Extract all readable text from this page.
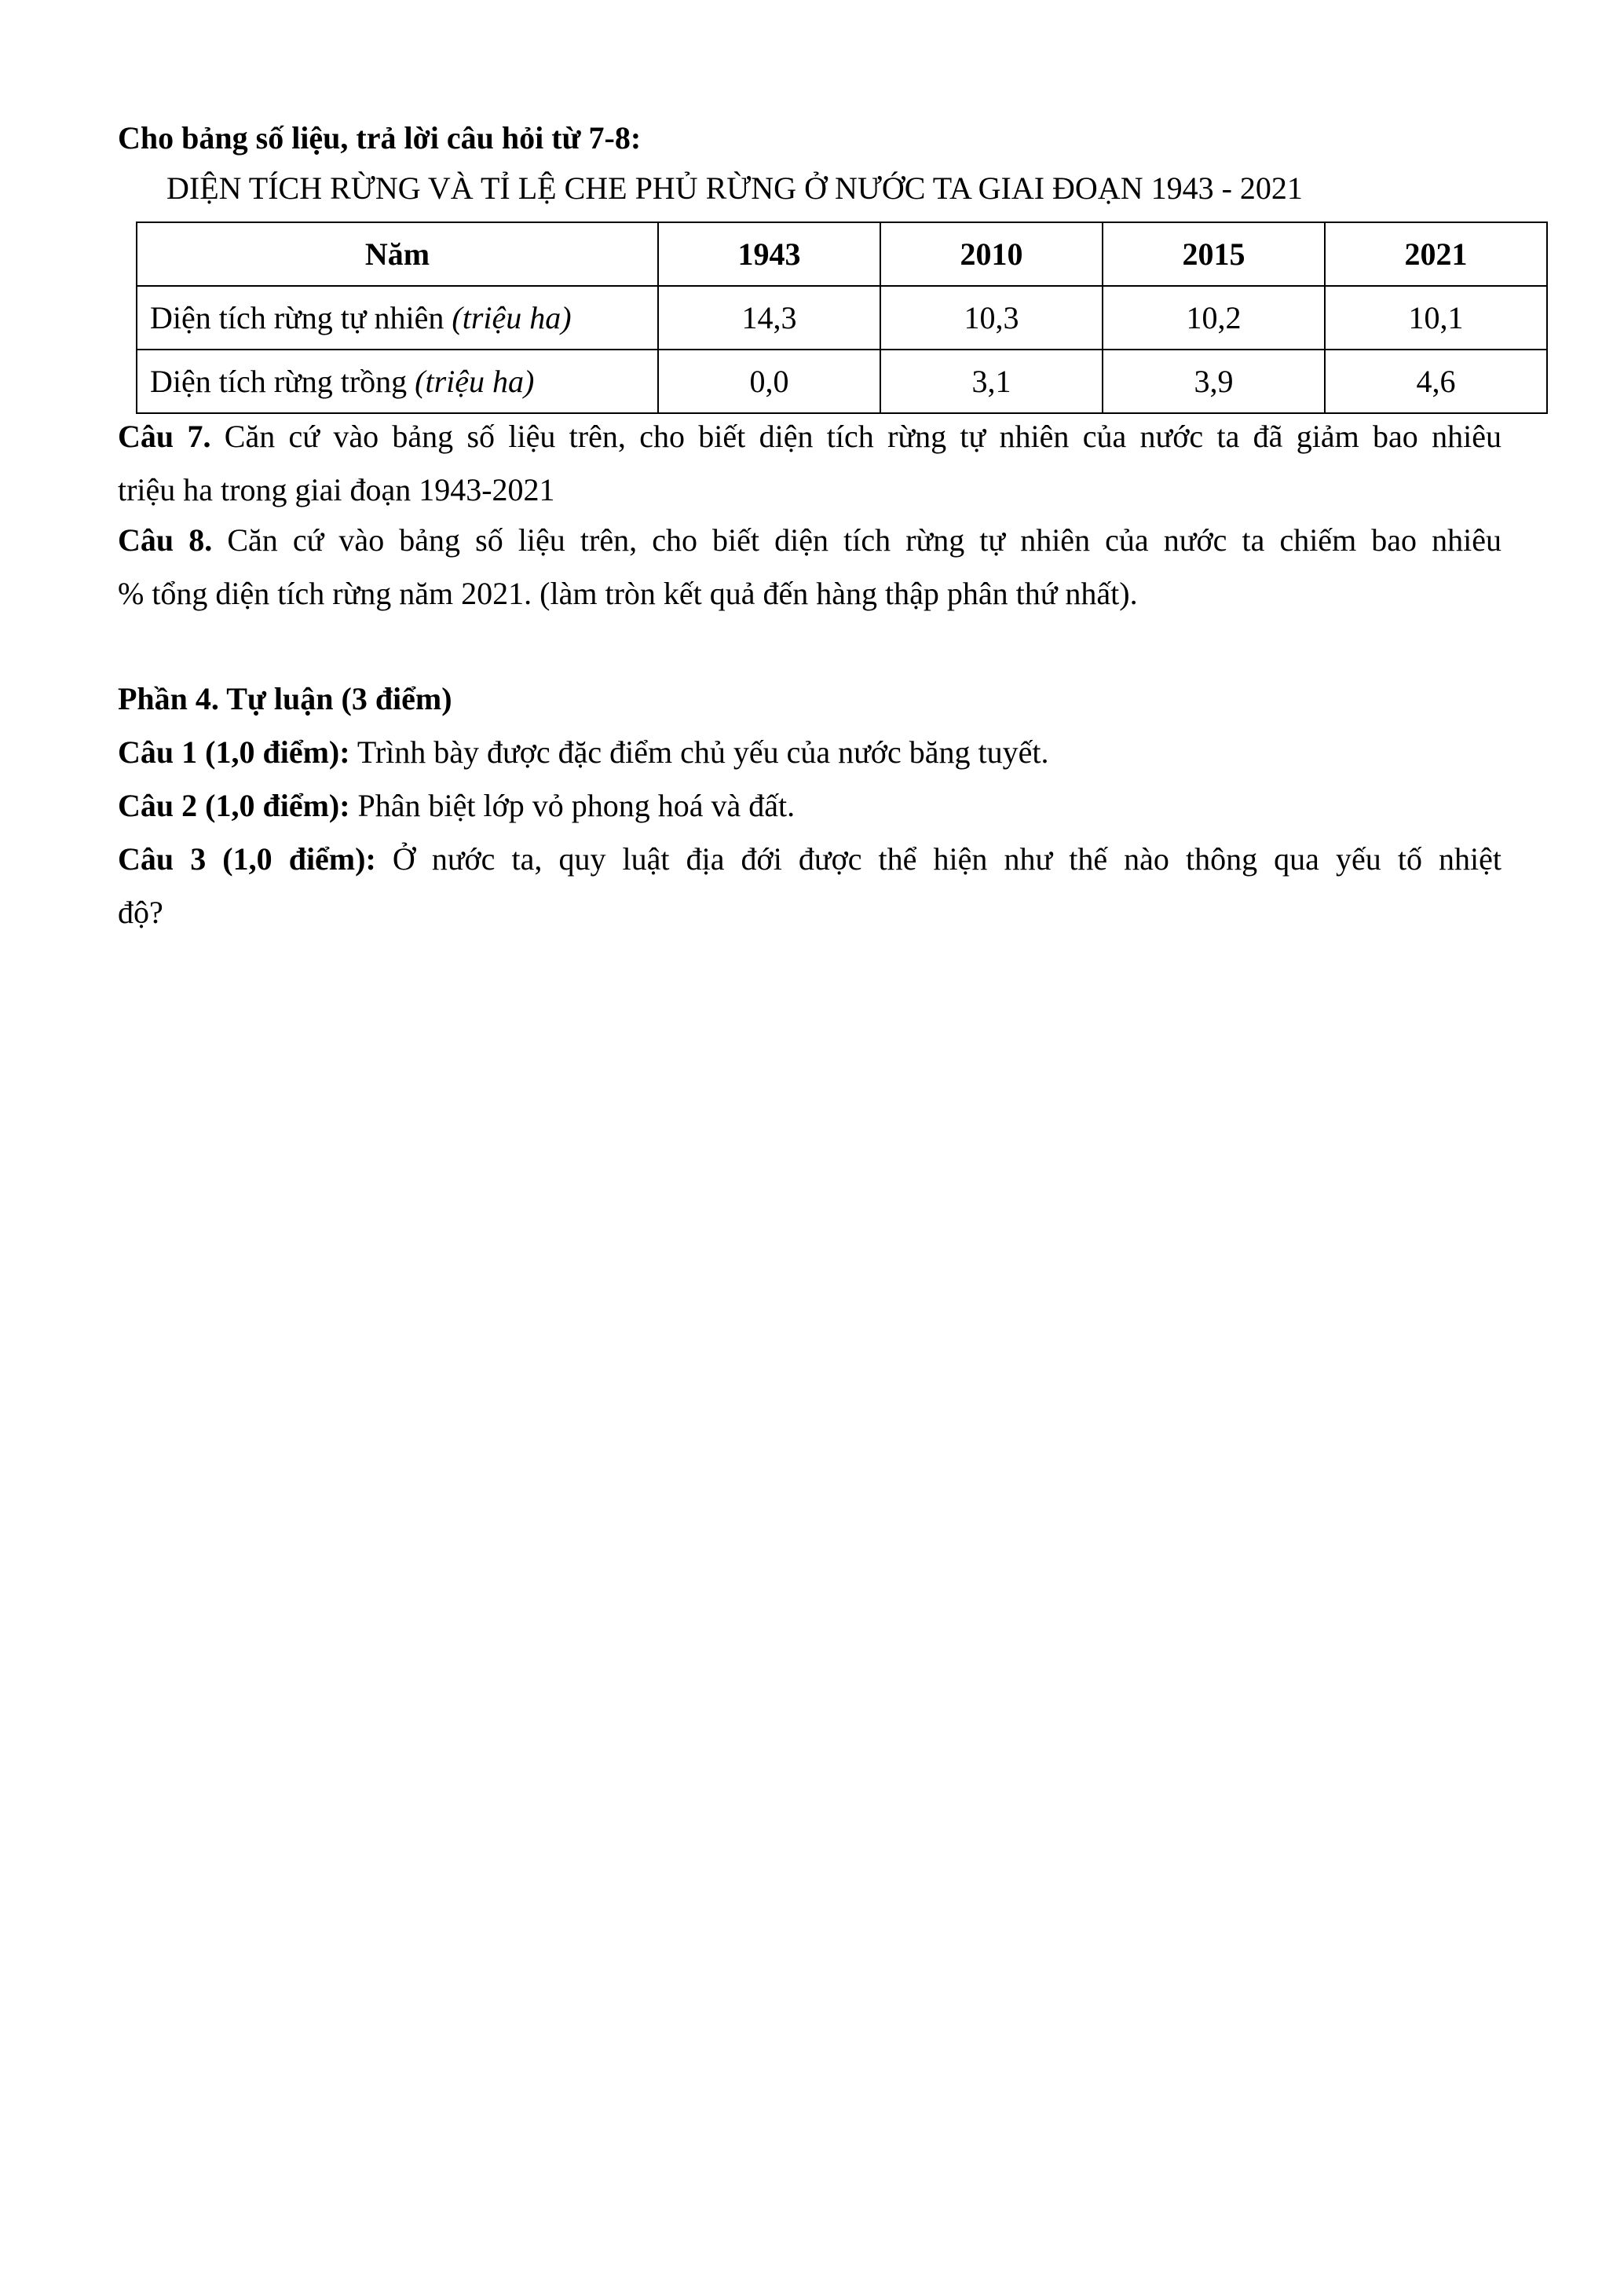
Cho bảng số liệu, trả lời câu hỏi từ 7-8:
DIỆN TÍCH RỪNG VÀ TỈ LỆ CHE PHỦ RỪNG Ở NƯỚC TA GIAI ĐOẠN 1943 - 2021
Năm	1943	2010	2015	2021
Diện tích rừng tự nhiên (triệu ha)	14,3	10,3	10,2	10,1
Diện tích rừng trồng (triệu ha)	0,0	3,1	3,9	4,6
Câu 7. Căn cứ vào bảng số liệu trên, cho biết diện tích rừng tự nhiên của nước ta đã giảm bao nhiêu
triệu ha trong giai đoạn 1943-2021
Câu 8. Căn cứ vào bảng số liệu trên, cho biết diện tích rừng tự nhiên của nước ta chiếm bao nhiêu
% tổng diện tích rừng năm 2021. (làm tròn kết quả đến hàng thập phân thứ nhất).
Phần 4. Tự luận (3 điểm)
Câu 1 (1,0 điểm): Trình bày được đặc điểm chủ yếu của nước băng tuyết.
Câu 2 (1,0 điểm): Phân biệt lớp vỏ phong hoá và đất.
Câu 3 (1,0 điểm): Ở nước ta, quy luật địa đới được thể hiện như thế nào thông qua yếu tố nhiệt
độ?
